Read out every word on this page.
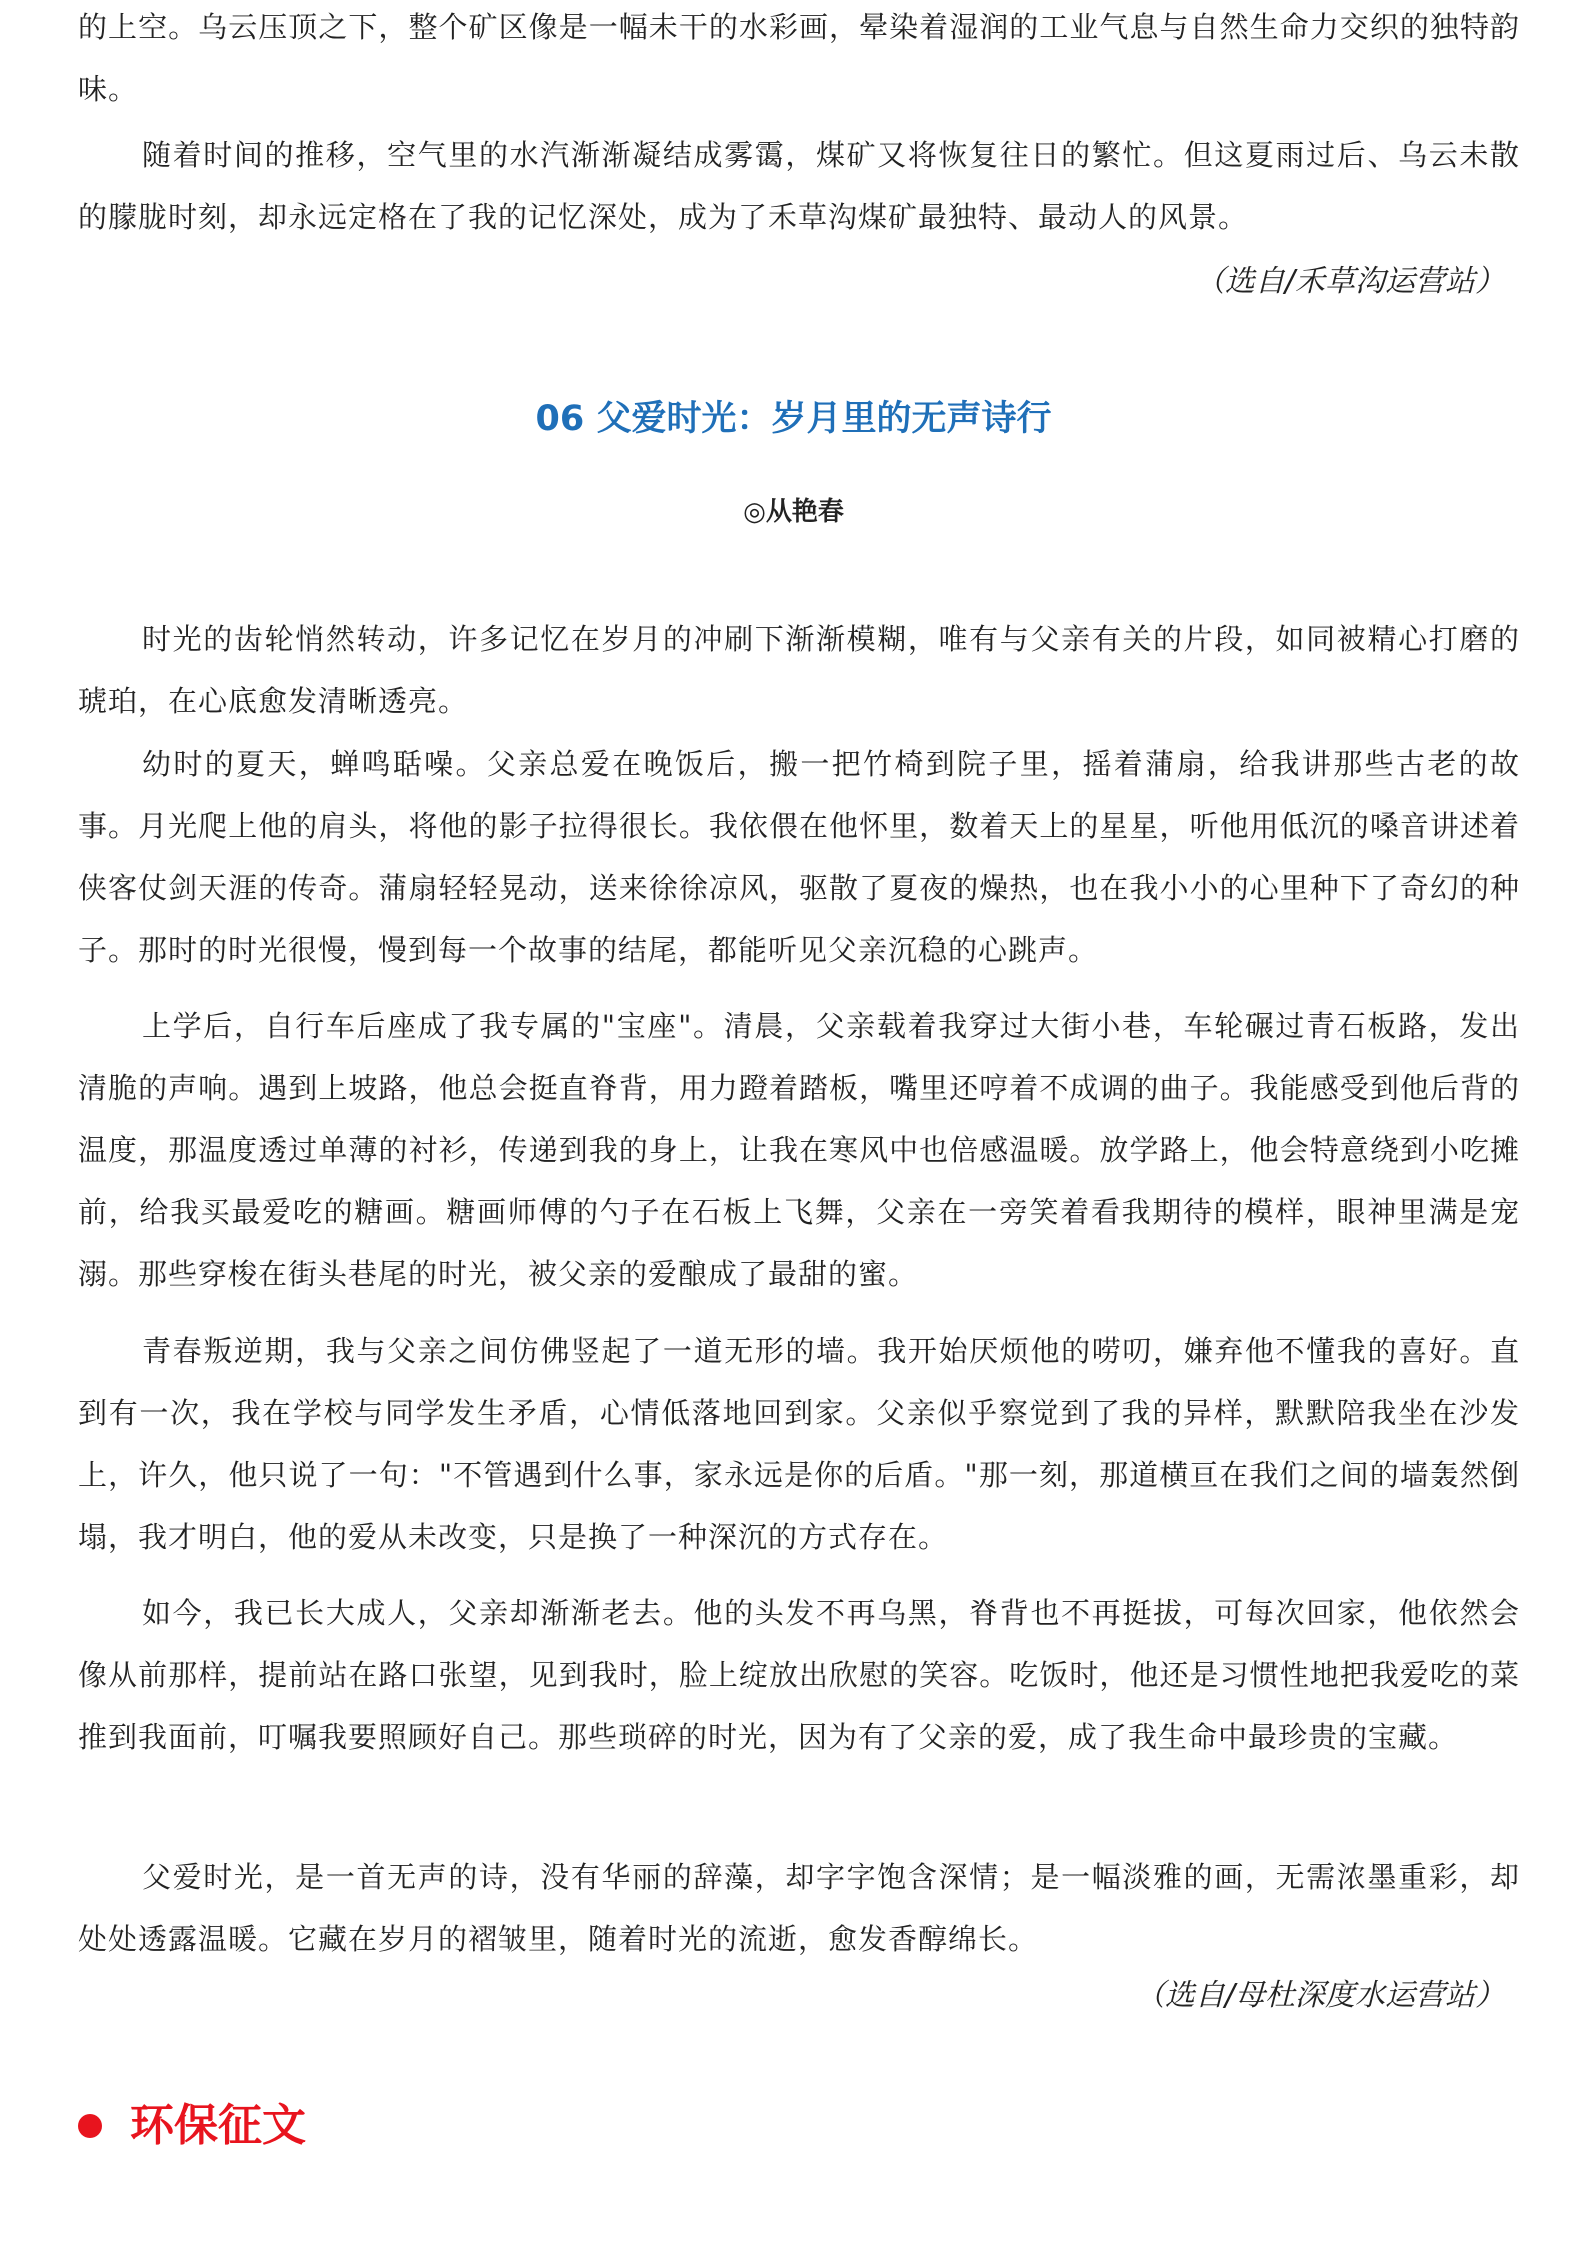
的上空。乌云压顶之下，整个矿区像是一幅未干的水彩画，晕染着湿润的工业气息与自然生命力交织的独特韵味。

随着时间的推移，空气里的水汽渐渐凝结成雾霭，煤矿又将恢复往日的繁忙。但这夏雨过后、乌云未散的朦胧时刻，却永远定格在了我的记忆深处，成为了禾草沟煤矿最独特、最动人的风景。

（选自/禾草沟运营站）

06 父爱时光：岁月里的无声诗行
◎从艳春

时光的齿轮悄然转动，许多记忆在岁月的冲刷下渐渐模糊，唯有与父亲有关的片段，如同被精心打磨的琥珀，在心底愈发清晰透亮。

幼时的夏天，蝉鸣聒噪。父亲总爱在晚饭后，搬一把竹椅到院子里，摇着蒲扇，给我讲那些古老的故事。月光爬上他的肩头，将他的影子拉得很长。我依偎在他怀里，数着天上的星星，听他用低沉的嗓音讲述着侠客仗剑天涯的传奇。蒲扇轻轻晃动，送来徐徐凉风，驱散了夏夜的燥热，也在我小小的心里种下了奇幻的种子。那时的时光很慢，慢到每一个故事的结尾，都能听见父亲沉稳的心跳声。

上学后，自行车后座成了我专属的"宝座"。清晨，父亲载着我穿过大街小巷，车轮碾过青石板路，发出清脆的声响。遇到上坡路，他总会挺直脊背，用力蹬着踏板，嘴里还哼着不成调的曲子。我能感受到他后背的温度，那温度透过单薄的衬衫，传递到我的身上，让我在寒风中也倍感温暖。放学路上，他会特意绕到小吃摊前，给我买最爱吃的糖画。糖画师傅的勺子在石板上飞舞，父亲在一旁笑着看我期待的模样，眼神里满是宠溺。那些穿梭在街头巷尾的时光，被父亲的爱酿成了最甜的蜜。

青春叛逆期，我与父亲之间仿佛竖起了一道无形的墙。我开始厌烦他的唠叨，嫌弃他不懂我的喜好。直到有一次，我在学校与同学发生矛盾，心情低落地回到家。父亲似乎察觉到了我的异样，默默陪我坐在沙发上，许久，他只说了一句："不管遇到什么事，家永远是你的后盾。"那一刻，那道横亘在我们之间的墙轰然倒塌，我才明白，他的爱从未改变，只是换了一种深沉的方式存在。

如今，我已长大成人，父亲却渐渐老去。他的头发不再乌黑，脊背也不再挺拔，可每次回家，他依然会像从前那样，提前站在路口张望，见到我时，脸上绽放出欣慰的笑容。吃饭时，他还是习惯性地把我爱吃的菜推到我面前，叮嘱我要照顾好自己。那些琐碎的时光，因为有了父亲的爱，成了我生命中最珍贵的宝藏。

父爱时光，是一首无声的诗，没有华丽的辞藻，却字字饱含深情；是一幅淡雅的画，无需浓墨重彩，却处处透露温暖。它藏在岁月的褶皱里，随着时光的流逝，愈发香醇绵长。

（选自/母杜深度水运营站）

环保征文
